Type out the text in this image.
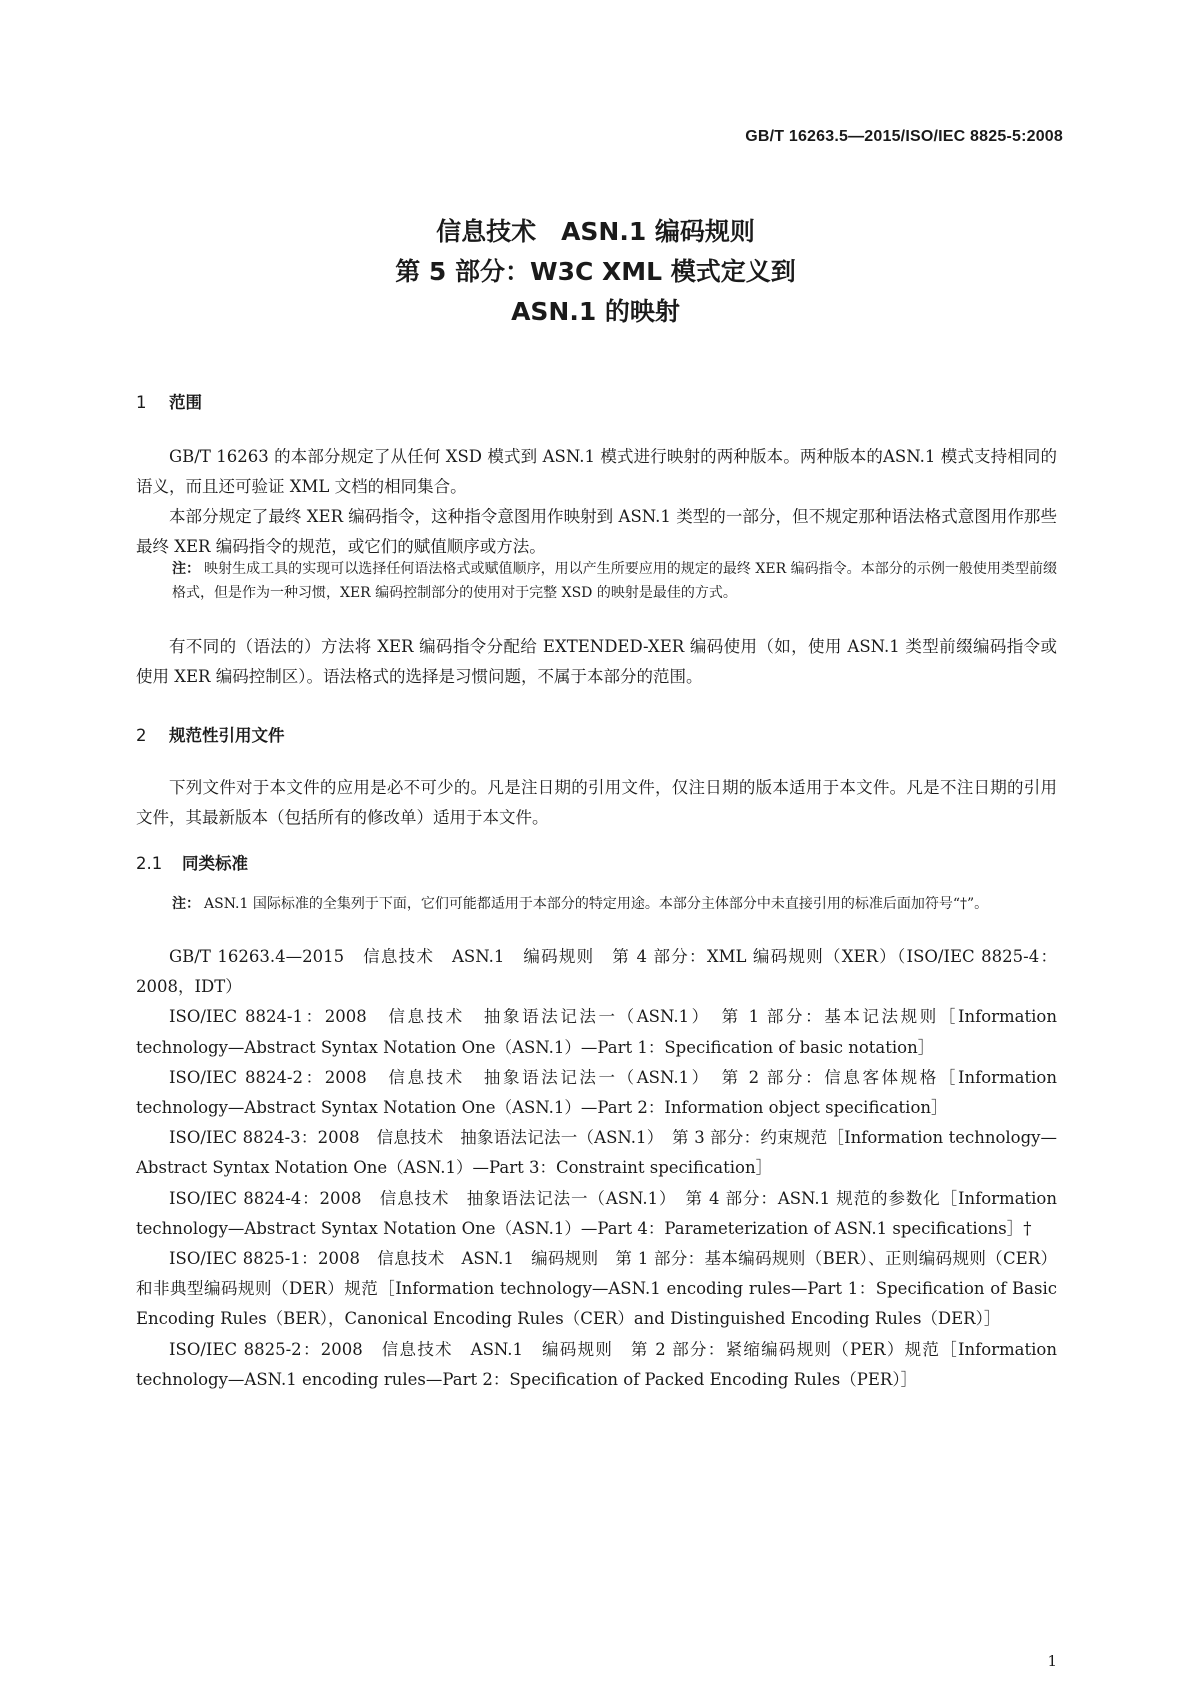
GB/T 16263.5—2015/ISO/IEC 8825-5:2008
信息技术　ASN.1 编码规则
第 5 部分：W3C XML 模式定义到
ASN.1 的映射
1 范围

GB/T 16263 的本部分规定了从任何 XSD 模式到 ASN.1 模式进行映射的两种版本。两种版本的ASN.1 模式支持相同的语义，而且还可验证 XML 文档的相同集合。

本部分规定了最终 XER 编码指令，这种指令意图用作映射到 ASN.1 类型的一部分，但不规定那种语法格式意图用作那些最终 XER 编码指令的规范，或它们的赋值顺序或方法。

注： 映射生成工具的实现可以选择任何语法格式或赋值顺序，用以产生所要应用的规定的最终 XER 编码指令。本部分的示例一般使用类型前缀格式，但是作为一种习惯，XER 编码控制部分的使用对于完整 XSD 的映射是最佳的方式。

有不同的（语法的）方法将 XER 编码指令分配给 EXTENDED-XER 编码使用（如，使用 ASN.1 类型前缀编码指令或使用 XER 编码控制区）。语法格式的选择是习惯问题，不属于本部分的范围。

2 规范性引用文件

下列文件对于本文件的应用是必不可少的。凡是注日期的引用文件，仅注日期的版本适用于本文件。凡是不注日期的引用文件，其最新版本（包括所有的修改单）适用于本文件。

2.1 同类标准
注： ASN.1 国际标准的全集列于下面，它们可能都适用于本部分的特定用途。本部分主体部分中未直接引用的标准后面加符号“†”。

GB/T 16263.4—2015　信息技术　ASN.1　编码规则　第 4 部分：XML 编码规则（XER）（ISO/IEC 8825-4：2008，IDT）

ISO/IEC 8824-1：2008　信息技术　抽象语法记法一（ASN.1）　第 1 部分：基本记法规则［Information technology—Abstract Syntax Notation One（ASN.1）—Part 1：Specification of basic notation］

ISO/IEC 8824-2：2008　信息技术　抽象语法记法一（ASN.1）　第 2 部分：信息客体规格［Information technology—Abstract Syntax Notation One（ASN.1）—Part 2：Information object specification］

ISO/IEC 8824-3：2008　信息技术　抽象语法记法一（ASN.1）　第 3 部分：约束规范［Information technology—Abstract Syntax Notation One（ASN.1）—Part 3：Constraint specification］

ISO/IEC 8824-4：2008　信息技术　抽象语法记法一（ASN.1）　第 4 部分：ASN.1 规范的参数化［Information technology—Abstract Syntax Notation One（ASN.1）—Part 4：Parameterization of ASN.1 specifications］†

ISO/IEC 8825-1：2008　信息技术　ASN.1　编码规则　第 1 部分：基本编码规则（BER）、正则编码规则（CER）和非典型编码规则（DER）规范［Information technology—ASN.1 encoding rules—Part 1：Specification of Basic Encoding Rules（BER），Canonical Encoding Rules（CER）and Distinguished Encoding Rules（DER）］

ISO/IEC 8825-2：2008　信息技术　ASN.1　编码规则　第 2 部分：紧缩编码规则（PER）规范［Information technology—ASN.1 encoding rules—Part 2：Specification of Packed Encoding Rules（PER）］

1
